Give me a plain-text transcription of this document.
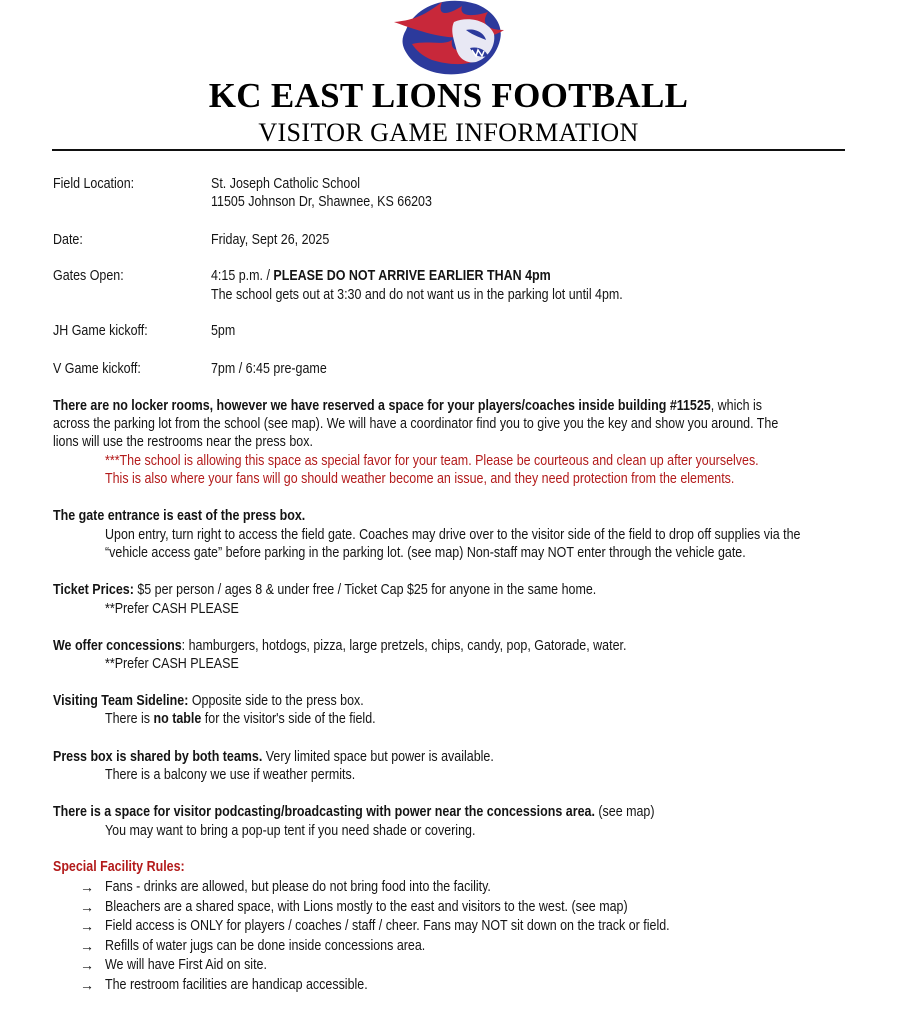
KC EAST LIONS FOOTBALL
VISITOR GAME INFORMATION
Field Location:	St. Joseph Catholic School
11505 Johnson Dr, Shawnee, KS 66203
Date:	Friday, Sept 26, 2025
Gates Open:	4:15 p.m. / PLEASE DO NOT ARRIVE EARLIER THAN 4pm
The school gets out at 3:30 and do not want us in the parking lot until 4pm.
JH Game kickoff:	5pm
V Game kickoff:	7pm / 6:45 pre-game
There are no locker rooms, however we have reserved a space for your players/coaches inside building #11525, which is
across the parking lot from the school (see map). We will have a coordinator find you to give you the key and show you around. The
lions will use the restrooms near the press box.
***The school is allowing this space as special favor for your team. Please be courteous and clean up after yourselves.
This is also where your fans will go should weather become an issue, and they need protection from the elements.
The gate entrance is east of the press box.
Upon entry, turn right to access the field gate. Coaches may drive over to the visitor side of the field to drop off supplies via the
“vehicle access gate” before parking in the parking lot. (see map) Non-staff may NOT enter through the vehicle gate.
Ticket Prices: $5 per person / ages 8 & under free / Ticket Cap $25 for anyone in the same home.
**Prefer CASH PLEASE
We offer concessions: hamburgers, hotdogs, pizza, large pretzels, chips, candy, pop, Gatorade, water.
**Prefer CASH PLEASE
Visiting Team Sideline: Opposite side to the press box.
There is no table for the visitor's side of the field.
Press box is shared by both teams. Very limited space but power is available.
There is a balcony we use if weather permits.
There is a space for visitor podcasting/broadcasting with power near the concessions area. (see map)
You may want to bring a pop-up tent if you need shade or covering.
Special Facility Rules:
→ Fans - drinks are allowed, but please do not bring food into the facility.
→ Bleachers are a shared space, with Lions mostly to the east and visitors to the west. (see map)
→ Field access is ONLY for players / coaches / staff / cheer. Fans may NOT sit down on the track or field.
→ Refills of water jugs can be done inside concessions area.
→ We will have First Aid on site.
→ The restroom facilities are handicap accessible.
